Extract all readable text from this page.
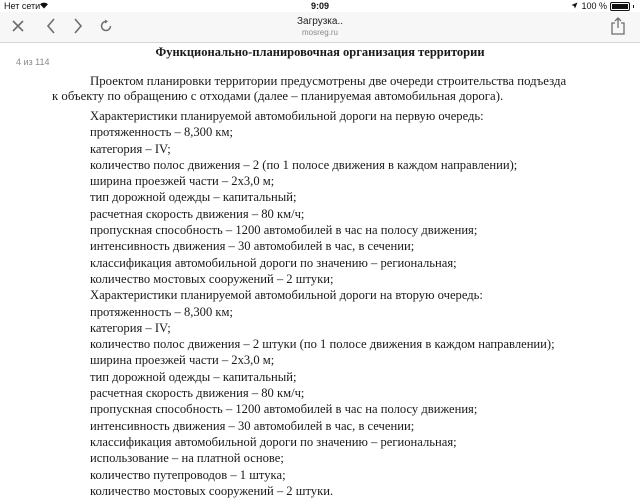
Нет сети	9:09	100 %
Загрузка..
mosreg.ru
4 из 114
Функционально-планировочная организация территории
Проектом планировки территории предусмотрены две очереди строительства подъезда
к объекту по обращению с отходами (далее – планируемая автомобильная дорога).
Характеристики планируемой автомобильной дороги на первую очередь:
протяженность – 8,300 км;
категория – IV;
количество полос движения – 2 (по 1 полосе движения в каждом направлении);
ширина проезжей части – 2х3,0 м;
тип дорожной одежды – капитальный;
расчетная скорость движения – 80 км/ч;
пропускная способность – 1200 автомобилей в час на полосу движения;
интенсивность движения – 30 автомобилей в час, в сечении;
классификация автомобильной дороги по значению – региональная;
количество мостовых сооружений – 2 штуки;
Характеристики планируемой автомобильной дороги на вторую очередь:
протяженность – 8,300 км;
категория – IV;
количество полос движения – 2 штуки (по 1 полосе движения в каждом направлении);
ширина проезжей части – 2х3,0 м;
тип дорожной одежды – капитальный;
расчетная скорость движения – 80 км/ч;
пропускная способность – 1200 автомобилей в час на полосу движения;
интенсивность движения – 30 автомобилей в час, в сечении;
классификация автомобильной дороги по значению – региональная;
использование – на платной основе;
количество путепроводов – 1 штука;
количество мостовых сооружений – 2 штуки.
